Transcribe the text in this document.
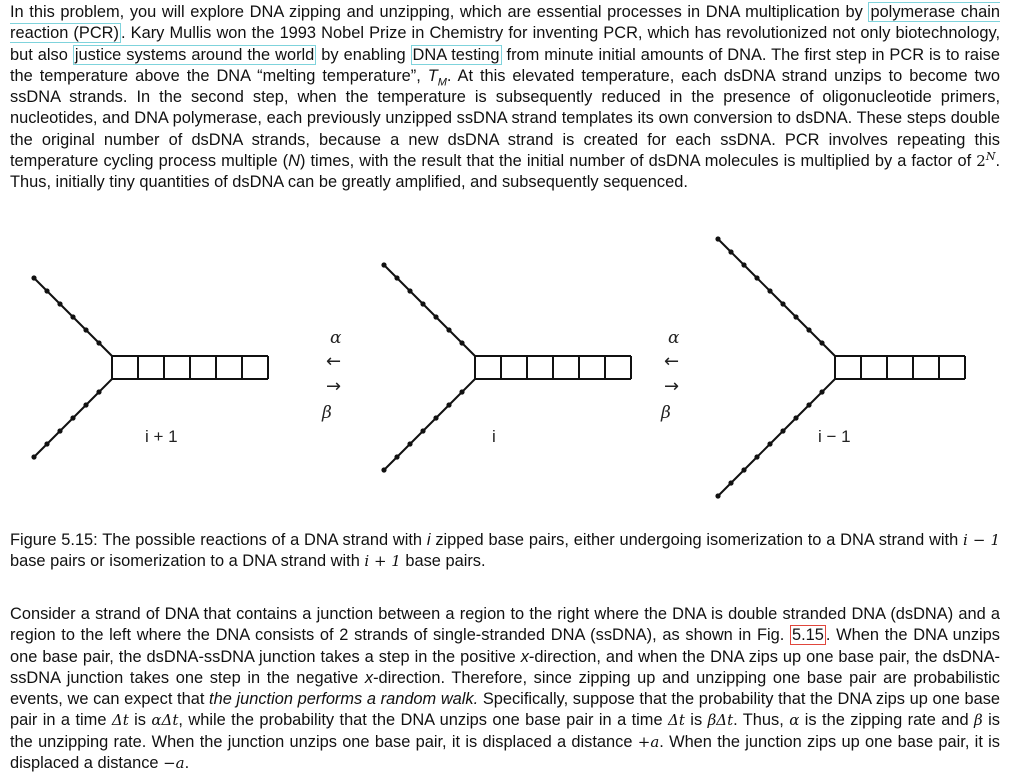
In this problem, you will explore DNA zipping and unzipping, which are essential processes in DNA multiplication by polymerase chain reaction (PCR) . Kary Mullis won the 1993 Nobel Prize in Chemistry for inventing PCR, which has revolutionized not only biotechnology, but also justice systems around the world by enabling DNA testing from minute initial amounts of DNA. The first step in PCR is to raise the temperature above the DNA “melting temperature”, $T_M$. At this elevated temperature, each dsDNA strand unzips to become two ssDNA strands. In the second step, when the temperature is subsequently reduced in the presence of oligonucleotide primers, nucleotides, and DNA polymerase, each previously unzipped ssDNA strand templates its own conversion to dsDNA. These steps double the original number of dsDNA strands, because a new dsDNA strand is created for each ssDNA. PCR involves repeating this temperature cycling process multiple (N) times, with the result that the initial number of dsDNA molecules is multiplied by a factor of $2^N$. Thus, initially tiny quantities of dsDNA can be greatly amplified, and subsequently sequenced.

i + 1	i	i − 1
α
←
→
β
α
←
→
β

Figure 5.15: The possible reactions of a DNA strand with i zipped base pairs, either undergoing isomerization to a DNA strand with i − 1 base pairs or isomerization to a DNA strand with i + 1 base pairs.

Consider a strand of DNA that contains a junction between a region to the right where the DNA is double stranded DNA (dsDNA) and a region to the left where the DNA consists of 2 strands of single-stranded DNA (ssDNA), as shown in Fig. 5.15 . When the DNA unzips one base pair, the dsDNA-ssDNA junction takes a step in the positive x-direction, and when the DNA zips up one base pair, the dsDNA-ssDNA junction takes one step in the negative x-direction. Therefore, since zipping up and unzipping one base pair are probabilistic events, we can expect that the junction performs a random walk. Specifically, suppose that the probability that the DNA zips up one base pair in a time Δt is αΔt, while the probability that the DNA unzips one base pair in a time Δt is βΔt. Thus, α is the zipping rate and β is the unzipping rate. When the junction unzips one base pair, it is displaced a distance +a. When the junction zips up one base pair, it is displaced a distance −a.
